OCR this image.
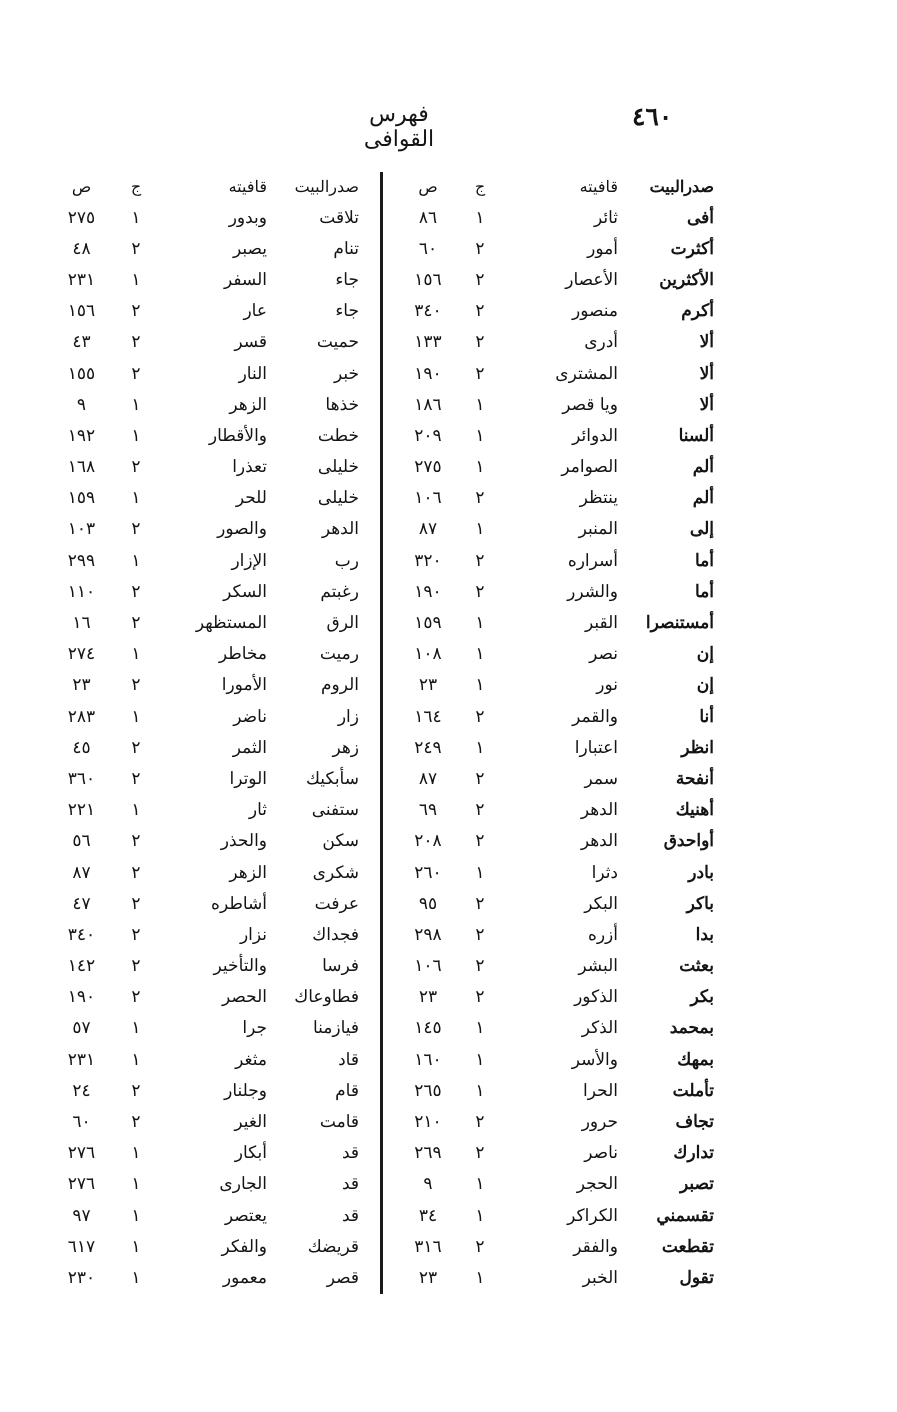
٤٦٠
فهرس القوافى
صدرالبيت	قافيته	ج	ص
أفى	ثائر	١	٨٦
أكثرت	أمور	٢	٦٠
الأكثرين	الأعصار	٢	١٥٦
أكرم	منصور	٢	٣٤٠
ألا	أدرى	٢	١٣٣
ألا	المشترى	٢	١٩٠
ألا	ويا قصر	١	١٨٦
ألسنا	الدوائر	١	٢٠٩
ألم	الصوامر	١	٢٧٥
ألم	ينتظر	٢	١٠٦
إلى	المنبر	١	٨٧
أما	أسراره	٢	٣٢٠
أما	والشرر	٢	١٩٠
أمستنصرا	القبر	١	١٥٩
إن	نصر	١	١٠٨
إن	نور	١	٢٣
أنا	والقمر	٢	١٦٤
انظر	اعتبارا	١	٢٤٩
أنفحة	سمر	٢	٨٧
أهنيك	الدهر	٢	٦٩
أواحدق	الدهر	٢	٢٠٨
بادر	دثرا	١	٢٦٠
باكر	البكر	٢	٩٥
بدا	أزره	٢	٢٩٨
بعثت	البشر	٢	١٠٦
بكر	الذكور	٢	٢٣
بمحمد	الذكر	١	١٤٥
بمهك	والأسر	١	١٦٠
تأملت	الحرا	١	٢٦٥
تجاف	حرور	٢	٢١٠
تدارك	ناصر	٢	٢٦٩
تصبر	الحجر	١	٩
تقسمني	الكراكر	١	٣٤
تقطعت	والفقر	٢	٣١٦
تقول	الخبر	١	٢٣
صدرالبيت	قافيته	ج	ص
تلاقت	وبدور	١	٢٧٥
تنام	يصبر	٢	٤٨
جاء	السفر	١	٢٣١
جاء	عار	٢	١٥٦
حميت	قسر	٢	٤٣
خبر	النار	٢	١٥٥
خذها	الزهر	١	٩
خطت	والأقطار	١	١٩٢
خليلى	تعذرا	٢	١٦٨
خليلى	للحر	١	١٥٩
الدهر	والصور	٢	١٠٣
رب	الإزار	١	٢٩٩
رغبتم	السكر	٢	١١٠
الرق	المستظهر	٢	١٦
رميت	مخاطر	١	٢٧٤
الروم	الأمورا	٢	٢٣
زار	ناضر	١	٢٨٣
زهر	الثمر	٢	٤٥
سأبكيك	الوترا	٢	٣٦٠
ستفنى	ثار	١	٢٢١
سكن	والحذر	٢	٥٦
شكرى	الزهر	٢	٨٧
عرفت	أشاطره	٢	٤٧
فجداك	نزار	٢	٣٤٠
فرسا	والتأخير	٢	١٤٢
فطاوعاك	الحصر	٢	١٩٠
فيازمنا	جرا	١	٥٧
قاد	مثغر	١	٢٣١
قام	وجلنار	٢	٢٤
قامت	الغير	٢	٦٠
قد	أبكار	١	٢٧٦
قد	الجارى	١	٢٧٦
قد	يعتصر	١	٩٧
قريضك	والفكر	١	٦١٧
قصر	معمور	١	٢٣٠
